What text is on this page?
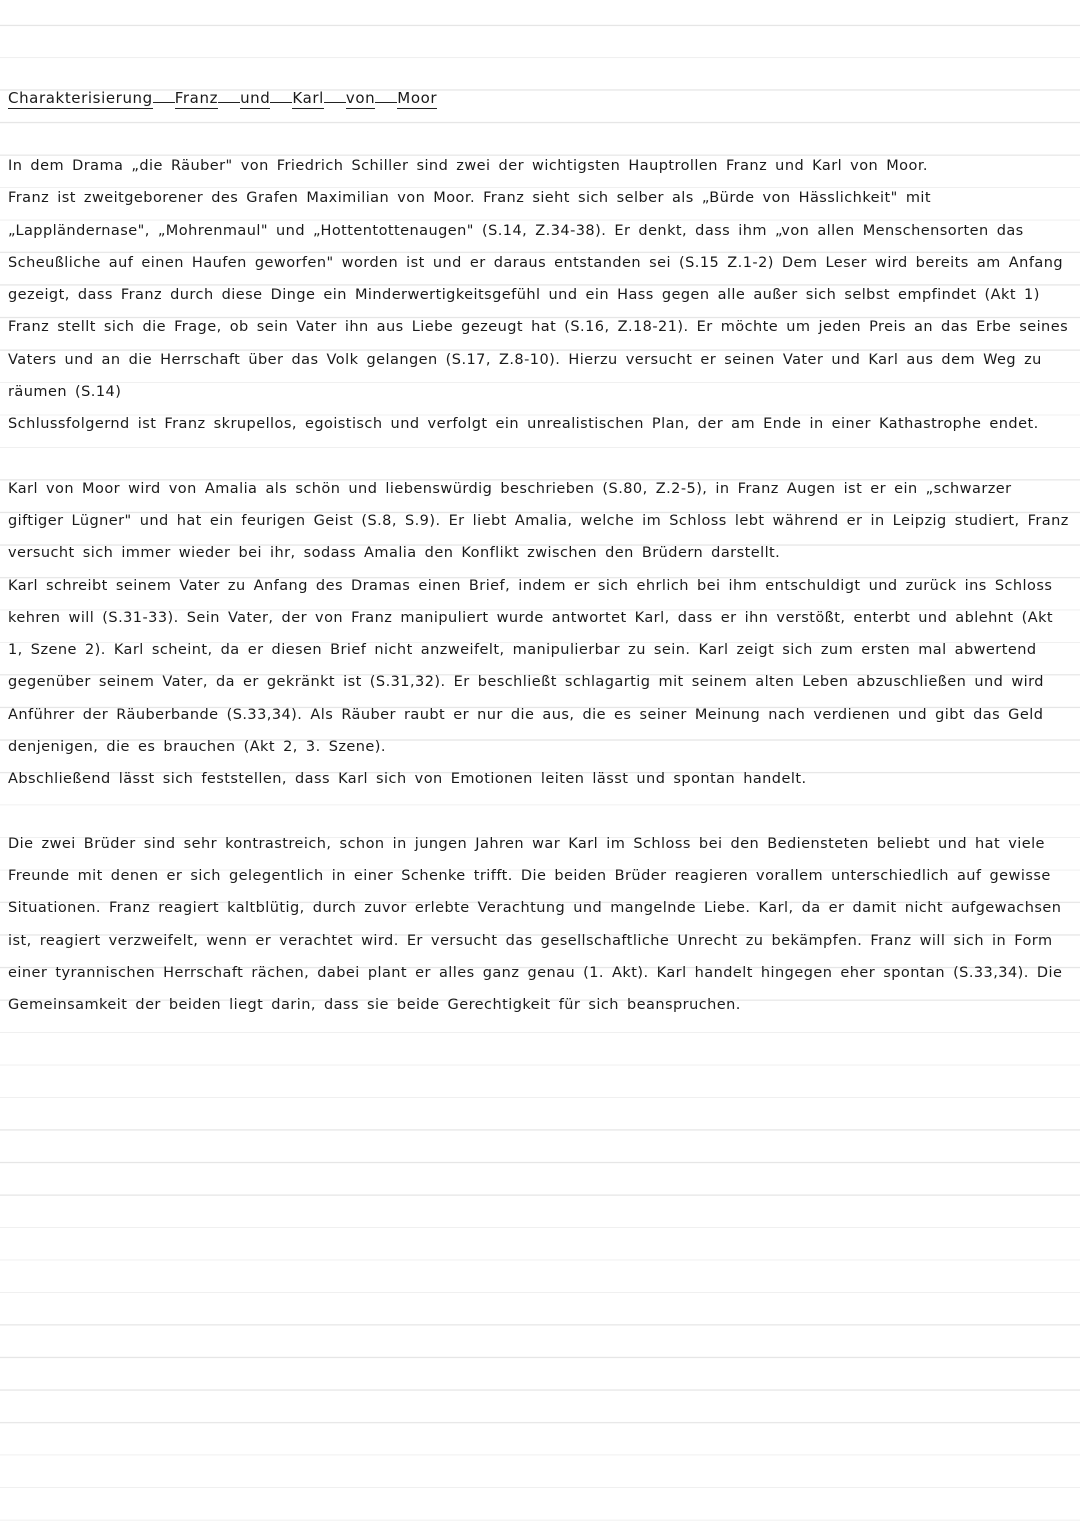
Charakterisierung Franz und Karl von Moor

In dem Drama „die Räuber" von Friedrich Schiller sind zwei der wichtigsten Hauptrollen Franz und Karl von Moor.

Franz ist zweitgeborener des Grafen Maximilian von Moor. Franz sieht sich selber als „Bürde von Hässlichkeit" mit „Lappländernase", „Mohrenmaul" und „Hottentottenaugen" (S.14, Z.34-38). Er denkt, dass ihm „von allen Menschensorten das Scheußliche auf einen Haufen geworfen" worden ist und er daraus entstanden sei (S.15 Z.1-2) Dem Leser wird bereits am Anfang gezeigt, dass Franz durch diese Dinge ein Minderwertigkeitsgefühl und ein Hass gegen alle außer sich selbst empfindet (Akt 1) Franz stellt sich die Frage, ob sein Vater ihn aus Liebe gezeugt hat (S.16, Z.18-21). Er möchte um jeden Preis an das Erbe seines Vaters und an die Herrschaft über das Volk gelangen (S.17, Z.8-10). Hierzu versucht er seinen Vater und Karl aus dem Weg zu räumen (S.14)

Schlussfolgernd ist Franz skrupellos, egoistisch und verfolgt ein unrealistischen Plan, der am Ende in einer Kathastrophe endet.

Karl von Moor wird von Amalia als schön und liebenswürdig beschrieben (S.80, Z.2-5), in Franz Augen ist er ein „schwarzer giftiger Lügner" und hat ein feurigen Geist (S.8, S.9). Er liebt Amalia, welche im Schloss lebt während er in Leipzig studiert, Franz versucht sich immer wieder bei ihr, sodass Amalia den Konflikt zwischen den Brüdern darstellt.

Karl schreibt seinem Vater zu Anfang des Dramas einen Brief, indem er sich ehrlich bei ihm entschuldigt und zurück ins Schloss kehren will (S.31-33). Sein Vater, der von Franz manipuliert wurde antwortet Karl, dass er ihn verstößt, enterbt und ablehnt (Akt 1, Szene 2). Karl scheint, da er diesen Brief nicht anzweifelt, manipulierbar zu sein. Karl zeigt sich zum ersten mal abwertend gegenüber seinem Vater, da er gekränkt ist (S.31,32). Er beschließt schlagartig mit seinem alten Leben abzuschließen und wird Anführer der Räuberbande (S.33,34). Als Räuber raubt er nur die aus, die es seiner Meinung nach verdienen und gibt das Geld denjenigen, die es brauchen (Akt 2, 3. Szene).

Abschließend lässt sich feststellen, dass Karl sich von Emotionen leiten lässt und spontan handelt.

Die zwei Brüder sind sehr kontrastreich, schon in jungen Jahren war Karl im Schloss bei den Bediensteten beliebt und hat viele Freunde mit denen er sich gelegentlich in einer Schenke trifft. Die beiden Brüder reagieren vorallem unterschiedlich auf gewisse Situationen. Franz reagiert kaltblütig, durch zuvor erlebte Verachtung und mangelnde Liebe. Karl, da er damit nicht aufgewachsen ist, reagiert verzweifelt, wenn er verachtet wird. Er versucht das gesellschaftliche Unrecht zu bekämpfen. Franz will sich in Form einer tyrannischen Herrschaft rächen, dabei plant er alles ganz genau (1. Akt). Karl handelt hingegen eher spontan (S.33,34). Die Gemeinsamkeit der beiden liegt darin, dass sie beide Gerechtigkeit für sich beanspruchen.
